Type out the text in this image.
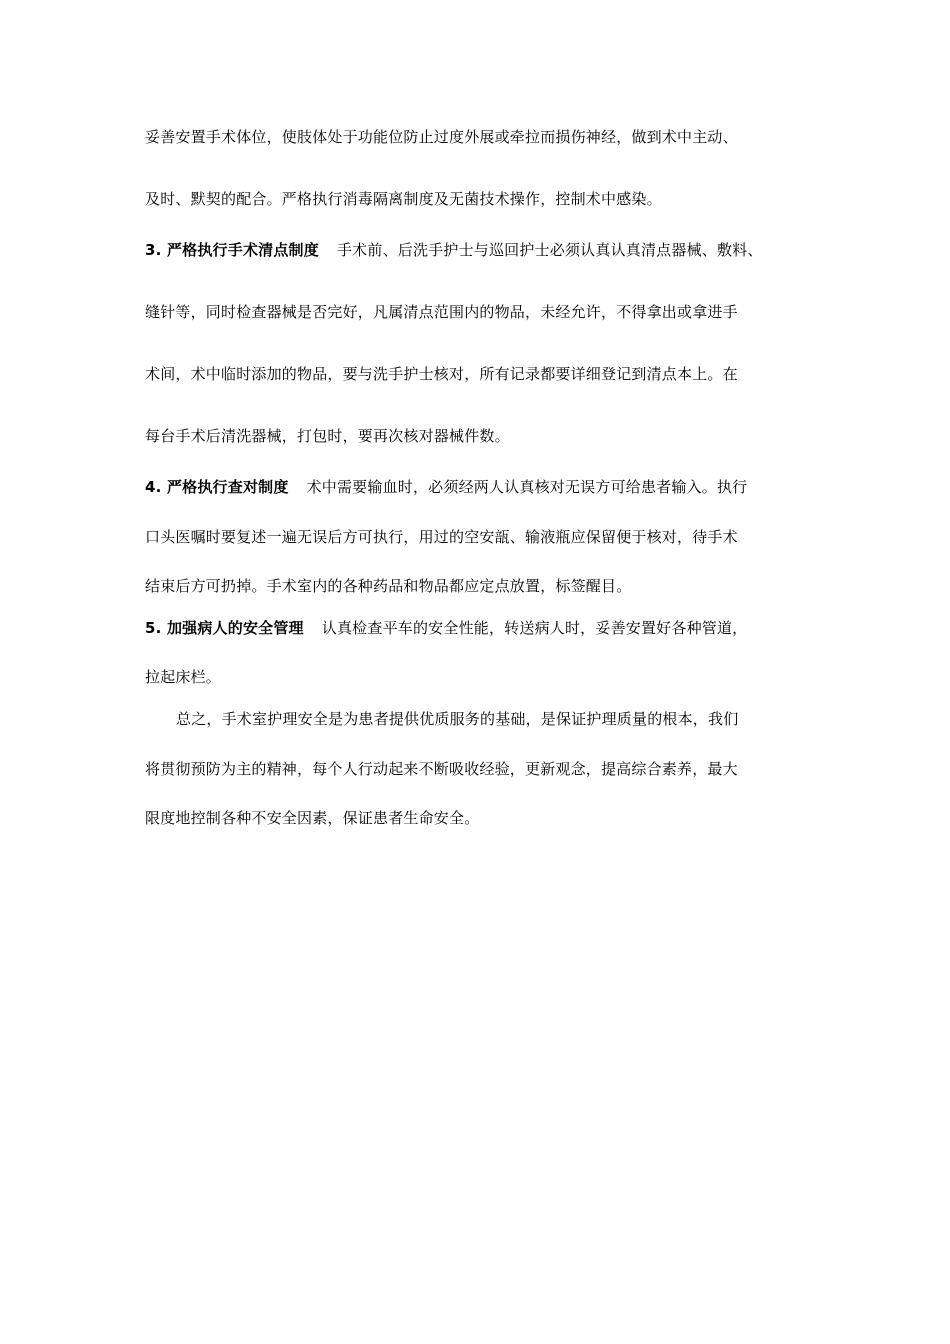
妥善安置手术体位，使肢体处于功能位防止过度外展或牵拉而损伤神经，做到术中主动、
及时、默契的配合。严格执行消毒隔离制度及无菌技术操作，控制术中感染。
3. 严格执行手术清点制度 手术前、后洗手护士与巡回护士必须认真认真清点器械、敷料、
缝针等，同时检查器械是否完好，凡属清点范围内的物品，未经允许，不得拿出或拿进手
术间，术中临时添加的物品，要与洗手护士核对，所有记录都要详细登记到清点本上。在
每台手术后清洗器械，打包时，要再次核对器械件数。
4. 严格执行查对制度 术中需要输血时，必须经两人认真核对无误方可给患者输入。执行
口头医嘱时要复述一遍无误后方可执行，用过的空安瓿、输液瓶应保留便于核对，待手术
结束后方可扔掉。手术室内的各种药品和物品都应定点放置，标签醒目。
5. 加强病人的安全管理 认真检查平车的安全性能，转送病人时，妥善安置好各种管道，
拉起床栏。
总之，手术室护理安全是为患者提供优质服务的基础，是保证护理质量的根本，我们
将贯彻预防为主的精神，每个人行动起来不断吸收经验，更新观念，提高综合素养，最大
限度地控制各种不安全因素，保证患者生命安全。
